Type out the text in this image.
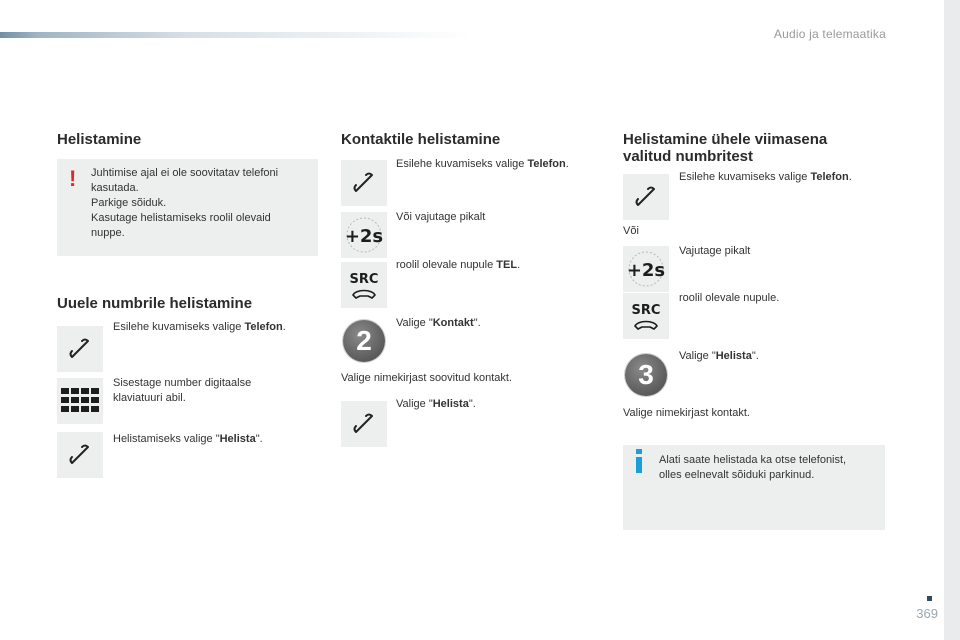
Audio ja telemaatika
Helistamine
! Juhtimise ajal ei ole soovitatav telefoni
kasutada.
Parkige sõiduk.
Kasutage helistamiseks roolil olevaid
nuppe.
Uuele numbrile helistamine
Esilehe kuvamiseks valige Telefon.
Sisestage number digitaalse
klaviatuuri abil.
Helistamiseks valige "Helista".
Kontaktile helistamine
Esilehe kuvamiseks valige Telefon.
+2s
Või vajutage pikalt
SRC
roolil olevale nupule TEL.
2
Valige "Kontakt".
Valige nimekirjast soovitud kontakt.
Valige "Helista".
Helistamine ühele viimasena
valitud numbritest
Esilehe kuvamiseks valige Telefon.
Või
+2s
Vajutage pikalt
SRC
roolil olevale nupule.
3
Valige "Helista".
Valige nimekirjast kontakt.
Alati saate helistada ka otse telefonist,
olles eelnevalt sõiduki parkinud.
369
